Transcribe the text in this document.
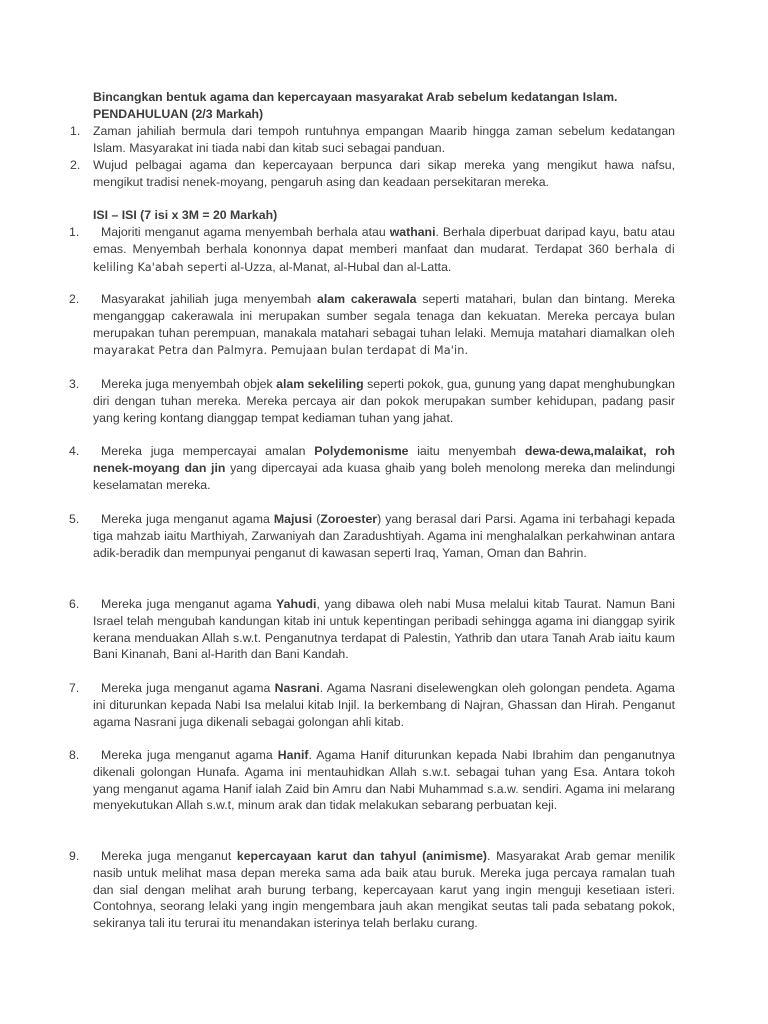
Bincangkan bentuk agama dan kepercayaan masyarakat Arab sebelum kedatangan Islam.
PENDAHULUAN (2/3 Markah)
1. Zaman jahiliah bermula dari tempoh runtuhnya empangan Maarib hingga zaman sebelum kedatangan Islam. Masyarakat ini tiada nabi dan kitab suci sebagai panduan.
2. Wujud pelbagai agama dan kepercayaan berpunca dari sikap mereka yang mengikut hawa nafsu, mengikut tradisi nenek-moyang, pengaruh asing dan keadaan persekitaran mereka.
ISI – ISI (7 isi x 3M = 20 Markah)
1.	Majoriti menganut agama menyembah berhala atau wathani. Berhala diperbuat daripad kayu, batu atau emas. Menyembah berhala kononnya dapat memberi manfaat dan mudarat. Terdapat 360 berhala di keliling Ka'abah seperti al-Uzza, al-Manat, al-Hubal dan al-Latta.
2.	Masyarakat jahiliah juga menyembah alam cakerawala seperti matahari, bulan dan bintang. Mereka menganggap cakerawala ini merupakan sumber segala tenaga dan kekuatan. Mereka percaya bulan merupakan tuhan perempuan, manakala matahari sebagai tuhan lelaki. Memuja matahari diamalkan oleh mayarakat Petra dan Palmyra. Pemujaan bulan terdapat di Ma'in.
3.	Mereka juga menyembah objek alam sekeliling seperti pokok, gua, gunung yang dapat menghubungkan diri dengan tuhan mereka. Mereka percaya air dan pokok merupakan sumber kehidupan, padang pasir yang kering kontang dianggap tempat kediaman tuhan yang jahat.
4.	Mereka juga mempercayai amalan Polydemonisme iaitu menyembah dewa-dewa,malaikat, roh nenek-moyang dan jin yang dipercayai ada kuasa ghaib yang boleh menolong mereka dan melindungi keselamatan mereka.
5.	Mereka juga menganut agama Majusi (Zoroester) yang berasal dari Parsi. Agama ini terbahagi kepada tiga mahzab iaitu Marthiyah, Zarwaniyah dan Zaradushtiyah. Agama ini menghalalkan perkahwinan antara adik-beradik dan mempunyai penganut di kawasan seperti Iraq, Yaman, Oman dan Bahrin.
6.	Mereka juga menganut agama Yahudi, yang dibawa oleh nabi Musa melalui kitab Taurat. Namun Bani Israel telah mengubah kandungan kitab ini untuk kepentingan peribadi sehingga agama ini dianggap syirik kerana menduakan Allah s.w.t. Penganutnya terdapat di Palestin, Yathrib dan utara Tanah Arab iaitu kaum Bani Kinanah, Bani al-Harith dan Bani Kandah.
7.	Mereka juga menganut agama Nasrani. Agama Nasrani diselewengkan oleh golongan pendeta. Agama ini diturunkan kepada Nabi Isa melalui kitab Injil. Ia berkembang di Najran, Ghassan dan Hirah. Penganut agama Nasrani juga dikenali sebagai golongan ahli kitab.
8.	Mereka juga menganut agama Hanif. Agama Hanif diturunkan kepada Nabi Ibrahim dan penganutnya dikenali golongan Hunafa. Agama ini mentauhidkan Allah s.w.t. sebagai tuhan yang Esa. Antara tokoh yang menganut agama Hanif ialah Zaid bin Amru dan Nabi Muhammad s.a.w. sendiri. Agama ini melarang menyekutukan Allah s.w.t, minum arak dan tidak melakukan sebarang perbuatan keji.
9.	Mereka juga menganut kepercayaan karut dan tahyul (animisme). Masyarakat Arab gemar menilik nasib untuk melihat masa depan mereka sama ada baik atau buruk. Mereka juga percaya ramalan tuah dan sial dengan melihat arah burung terbang, kepercayaan karut yang ingin menguji kesetiaan isteri. Contohnya, seorang lelaki yang ingin mengembara jauh akan mengikat seutas tali pada sebatang pokok, sekiranya tali itu terurai itu menandakan isterinya telah berlaku curang.
